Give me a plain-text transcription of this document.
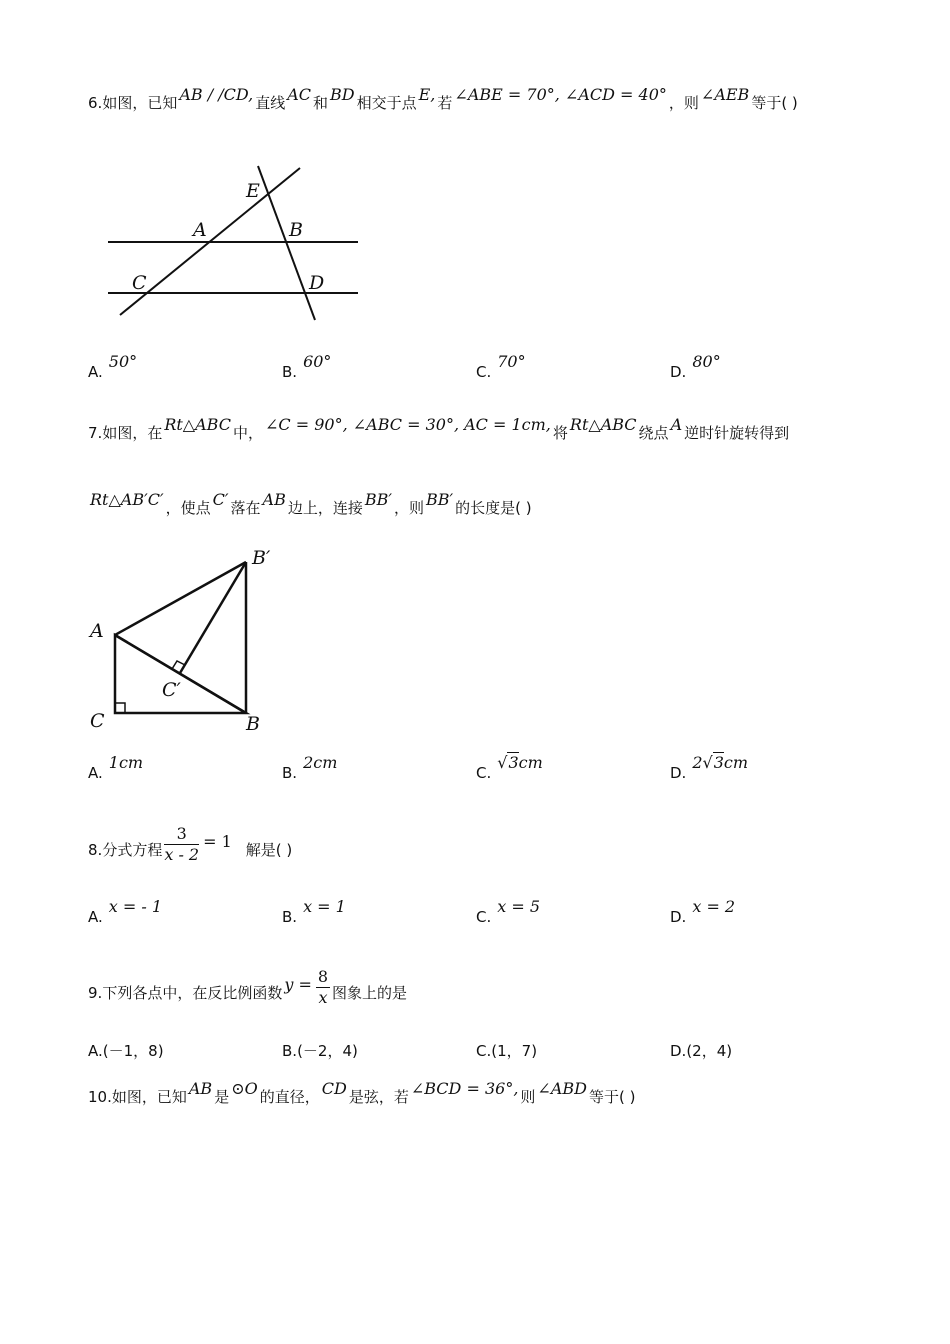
6.如图，已知 AB / /CD, 直线 AC 和 BD 相交于点 E, 若 ∠ABE = 70°, ∠ACD = 40° ，则 ∠AEB 等于( )
E
A	B
C	D
A.50°
B.60°
C.70°
D.80°
7.如图，在 Rt△ABC 中， ∠C = 90°, ∠ABC = 30°, AC = 1cm, 将 Rt△ABC 绕点 A 逆时针旋转得到
Rt△AB′C′ ，使点 C′ 落在 AB 边上，连接 BB′ ，则 BB′ 的长度是( )
B′
A
C′
C	B
A.1cm
B.2cm
C.√3cm
D.2√3cm
8.分式方程 $\frac{3}{x - 2} = 1$ 解是( )
A.x = - 1
B.x = 1
C.x = 5
D.x = 2
9.下列各点中，在反比例函数 $y = \frac{8}{x}$ 图象上的是
A.(－1，8)	B.(－2，4)	C.(1，7)	D.(2，4)
10.如图，已知 AB 是 ⊙O 的直径， CD 是弦，若 ∠BCD = 36°, 则 ∠ABD 等于( )
